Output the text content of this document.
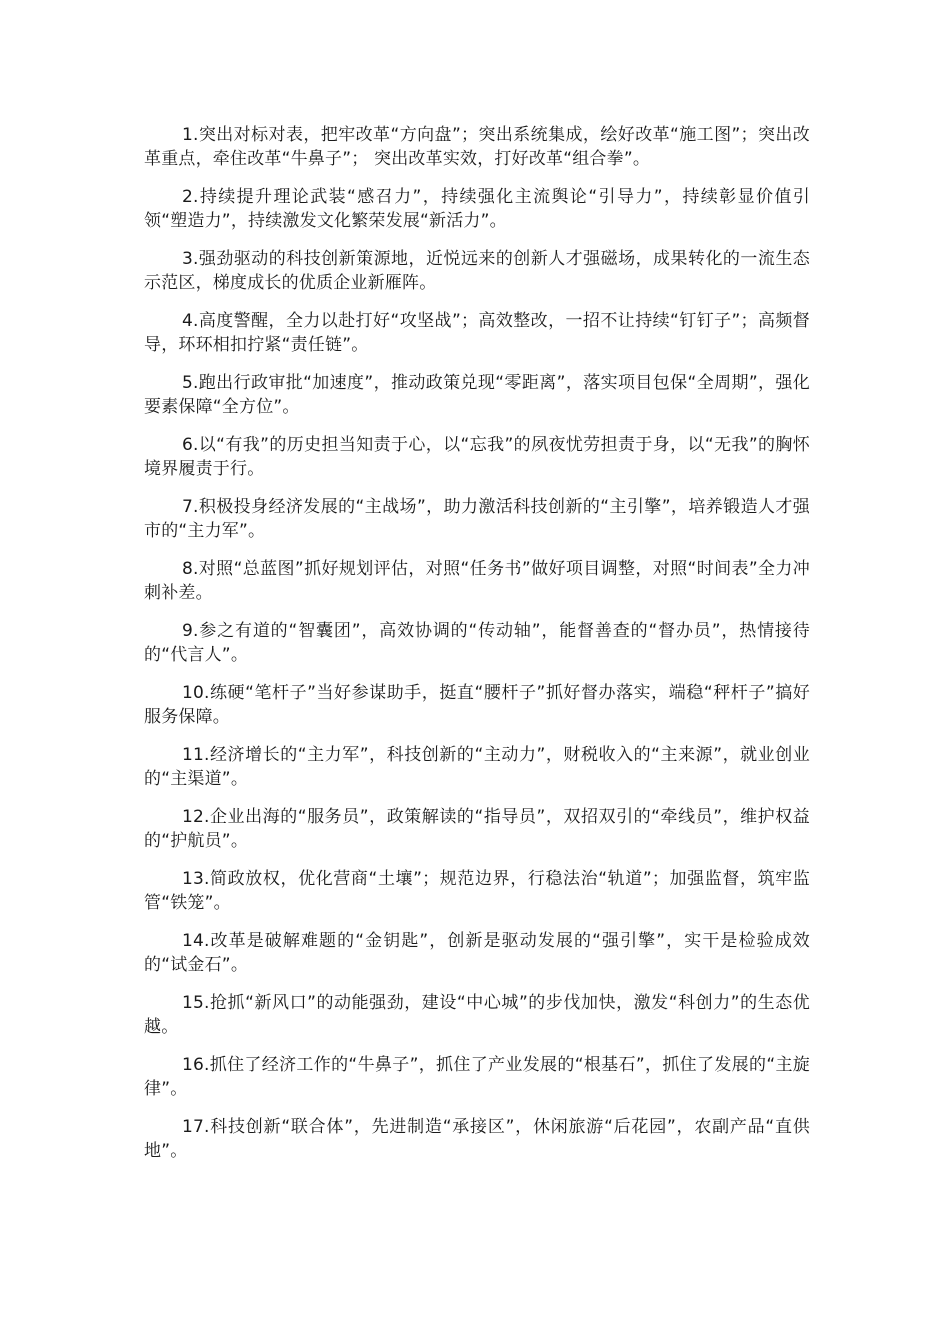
1.突出对标对表，把牢改革“方向盘”；突出系统集成，绘好改革“施工图”；突出改革重点，牵住改革“牛鼻子”； 突出改革实效，打好改革“组合拳”。

2.持续提升理论武装“感召力”，持续强化主流舆论“引导力”，持续彰显价值引领“塑造力”，持续激发文化繁荣发展“新活力”。

3.强劲驱动的科技创新策源地，近悦远来的创新人才强磁场，成果转化的一流生态示范区，梯度成长的优质企业新雁阵。

4.高度警醒，全力以赴打好“攻坚战”；高效整改，一招不让持续“钉钉子”；高频督导，环环相扣拧紧“责任链”。

5.跑出行政审批“加速度”，推动政策兑现“零距离”，落实项目包保“全周期”，强化要素保障“全方位”。

6.以“有我”的历史担当知责于心，以“忘我”的夙夜忧劳担责于身，以“无我”的胸怀境界履责于行。

7.积极投身经济发展的“主战场”，助力激活科技创新的“主引擎”，培养锻造人才强市的“主力军”。

8.对照“总蓝图”抓好规划评估，对照“任务书”做好项目调整，对照“时间表”全力冲刺补差。

9.参之有道的“智囊团”，高效协调的“传动轴”，能督善查的“督办员”，热情接待的“代言人”。

10.练硬“笔杆子”当好参谋助手，挺直“腰杆子”抓好督办落实，端稳“秤杆子”搞好服务保障。

11.经济增长的“主力军”，科技创新的“主动力”，财税收入的“主来源”，就业创业的“主渠道”。

12.企业出海的“服务员”，政策解读的“指导员”，双招双引的“牵线员”，维护权益的“护航员”。

13.简政放权，优化营商“土壤”；规范边界，行稳法治“轨道”；加强监督，筑牢监管“铁笼”。

14.改革是破解难题的“金钥匙”，创新是驱动发展的“强引擎”，实干是检验成效的“试金石”。

15.抢抓“新风口”的动能强劲，建设“中心城”的步伐加快，激发“科创力”的生态优越。

16.抓住了经济工作的“牛鼻子”，抓住了产业发展的“根基石”，抓住了发展的“主旋律”。

17.科技创新“联合体”，先进制造“承接区”，休闲旅游“后花园”，农副产品“直供地”。
